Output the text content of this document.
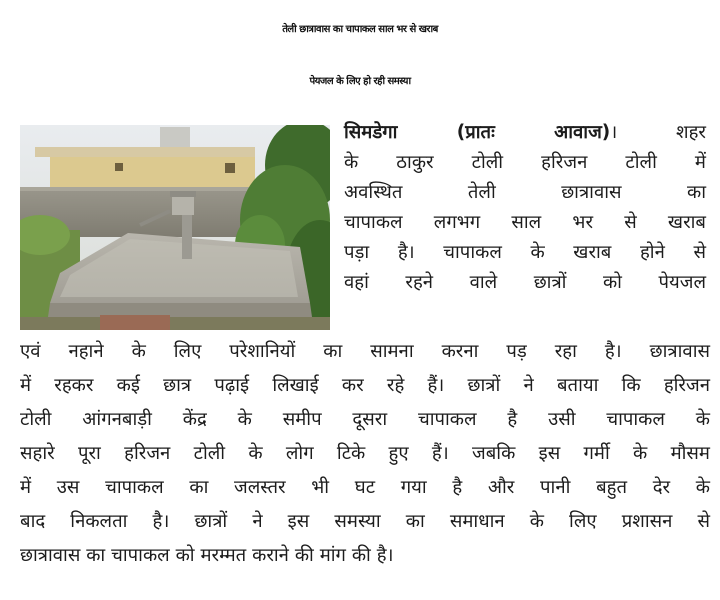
तेली छात्रावास का चापाकल साल भर से खराब
पेयजल के लिए हो रही समस्या
सिमडेगा (प्रातः आवाज)। शहर
के ठाकुर टोली हरिजन टोली में
अवस्थित तेली छात्रावास का
चापाकल लगभग साल भर से खराब
पड़ा है। चापाकल के खराब होने से
वहां रहने वाले छात्रों को पेयजल
एवं नहाने के लिए परेशानियों का सामना करना पड़ रहा है। छात्रावास
में रहकर कई छात्र पढ़ाई लिखाई कर रहे हैं। छात्रों ने बताया कि हरिजन
टोली आंगनबाड़ी केंद्र के समीप दूसरा चापाकल है उसी चापाकल के
सहारे पूरा हरिजन टोली के लोग टिके हुए हैं। जबकि इस गर्मी के मौसम
में उस चापाकल का जलस्तर भी घट गया है और पानी बहुत देर के
बाद निकलता है। छात्रों ने इस समस्या का समाधान के लिए प्रशासन से
छात्रावास का चापाकल को मरम्मत कराने की मांग की है।
